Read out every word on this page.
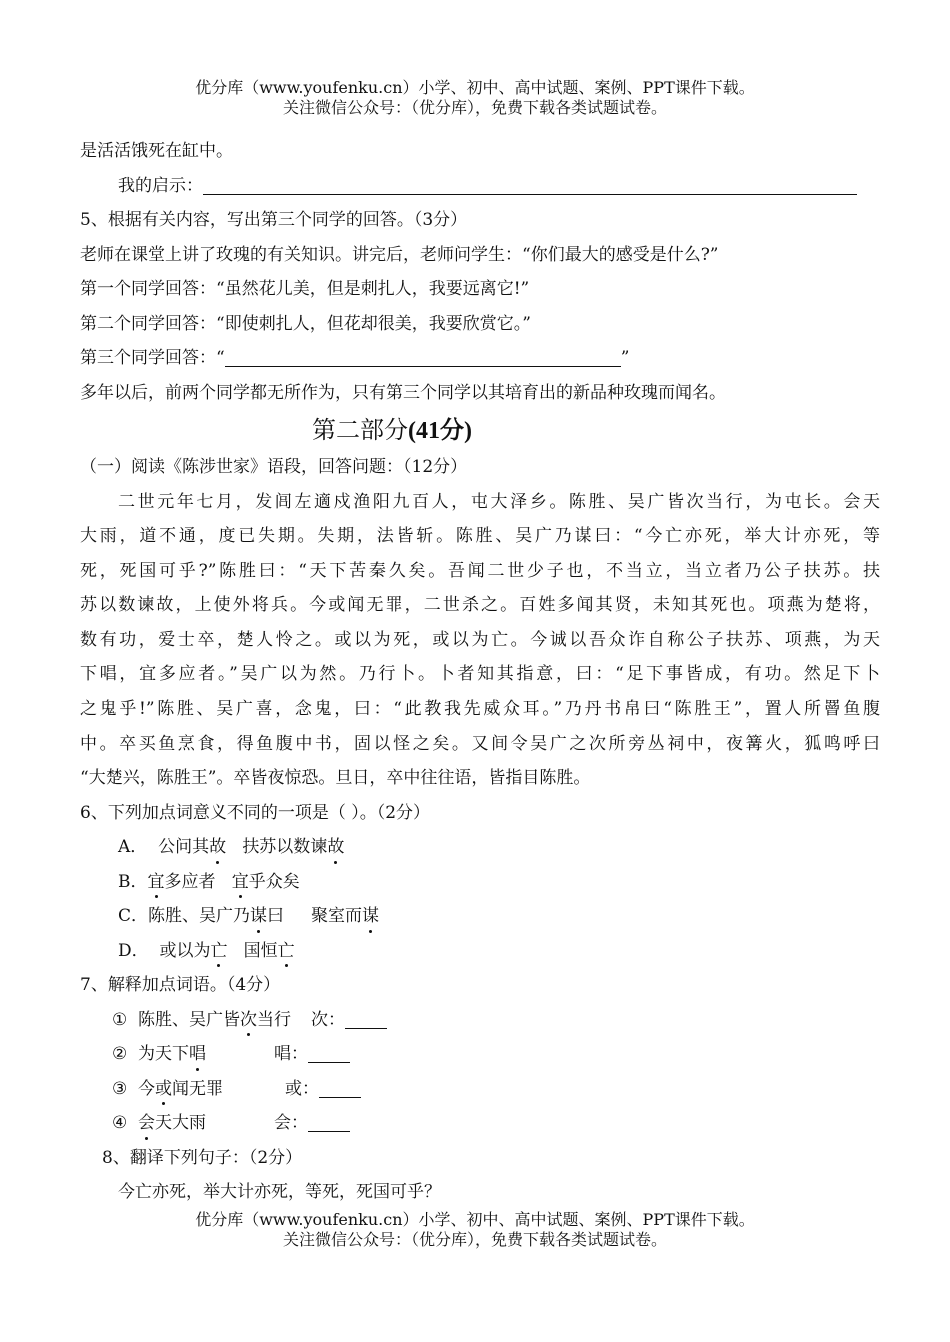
优分库（www.youfenku.cn）小学、初中、高中试题、案例、PPT课件下载。
关注微信公众号：（优分库），免费下载各类试题试卷。
是活活饿死在缸中。
我的启示：
5、根据有关内容，写出第三个同学的回答。（3分）
老师在课堂上讲了玫瑰的有关知识。讲完后，老师问学生：“你们最大的感受是什么?”
第一个同学回答：“虽然花儿美，但是刺扎人，我要远离它!”
第二个同学回答：“即使刺扎人，但花却很美，我要欣赏它。”
第三个同学回答：“	”
多年以后，前两个同学都无所作为，只有第三个同学以其培育出的新品种玫瑰而闻名。
第二部分(41分)
（一）阅读《陈涉世家》语段，回答问题：（12分）
二世元年七月，发闾左適戍渔阳九百人，屯大泽乡。陈胜、吴广皆次当行，为屯长。会天
大雨，道不通，度已失期。失期，法皆斩。陈胜、吴广乃谋曰：“今亡亦死，举大计亦死，等
死，死国可乎?”陈胜曰：“天下苦秦久矣。吾闻二世少子也，不当立，当立者乃公子扶苏。扶
苏以数谏故，上使外将兵。今或闻无罪，二世杀之。百姓多闻其贤，未知其死也。项燕为楚将，
数有功，爱士卒，楚人怜之。或以为死，或以为亡。今诚以吾众诈自称公子扶苏、项燕，为天
下唱，宜多应者。”吴广以为然。乃行卜。卜者知其指意，曰：“足下事皆成，有功。然足下卜
之鬼乎!”陈胜、吴广喜，念鬼，曰：“此教我先威众耳。”乃丹书帛曰“陈胜王”，置人所罾鱼腹
中。卒买鱼烹食，得鱼腹中书，固以怪之矣。又间令吴广之次所旁丛祠中，夜篝火，狐鸣呼曰
“大楚兴，陈胜王”。卒皆夜惊恐。旦日，卒中往往语，皆指目陈胜。
6、下列加点词意义不同的一项是（ ）。（2分）
A． 公问其故 扶苏以数谏故
B．宜多应者 宜乎众矣
C．陈胜、吴广乃谋曰 聚室而谋
D． 或以为亡 国恒亡
7、解释加点词语。（4分）
① 陈胜、吴广皆次当行 次：
② 为天下唱	唱：
③ 今或闻无罪	或：
④ 会天大雨	会：
8、翻译下列句子：（2分）
今亡亦死，举大计亦死，等死，死国可乎？
优分库（www.youfenku.cn）小学、初中、高中试题、案例、PPT课件下载。
关注微信公众号：（优分库），免费下载各类试题试卷。
